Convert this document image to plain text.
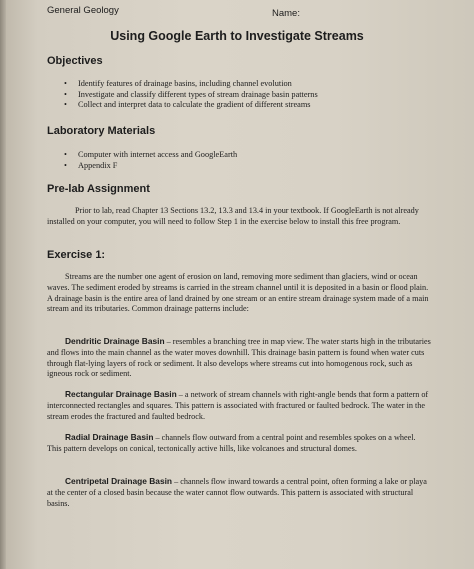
General Geology	Name:
Using Google Earth to Investigate Streams
Objectives
• Identify features of drainage basins, including channel evolution
• Investigate and classify different types of stream drainage basin patterns
• Collect and interpret data to calculate the gradient of different streams
Laboratory Materials
• Computer with internet access and GoogleEarth
• Appendix F
Pre-lab Assignment
Prior to lab, read Chapter 13 Sections 13.2, 13.3 and 13.4 in your textbook. If GoogleEarth is not already installed on your computer, you will need to follow Step 1 in the exercise below to install this free program.
Exercise 1:
Streams are the number one agent of erosion on land, removing more sediment than glaciers, wind or ocean waves. The sediment eroded by streams is carried in the stream channel until it is deposited in a basin or flood plain. A drainage basin is the entire area of land drained by one stream or an entire stream drainage system made of a main stream and its tributaries. Common drainage patterns include:
Dendritic Drainage Basin – resembles a branching tree in map view. The water starts high in the tributaries and flows into the main channel as the water moves downhill. This drainage basin pattern is found when water cuts through flat-lying layers of rock or sediment. It also develops where streams cut into homogenous rock, such as igneous rock or sediment.
Rectangular Drainage Basin – a network of stream channels with right-angle bends that form a pattern of interconnected rectangles and squares. This pattern is associated with fractured or faulted bedrock. The water in the stream erodes the fractured and faulted bedrock.
Radial Drainage Basin – channels flow outward from a central point and resembles spokes on a wheel. This pattern develops on conical, tectonically active hills, like volcanoes and structural domes.
Centripetal Drainage Basin – channels flow inward towards a central point, often forming a lake or playa at the center of a closed basin because the water cannot flow outwards. This pattern is associated with structural basins.
